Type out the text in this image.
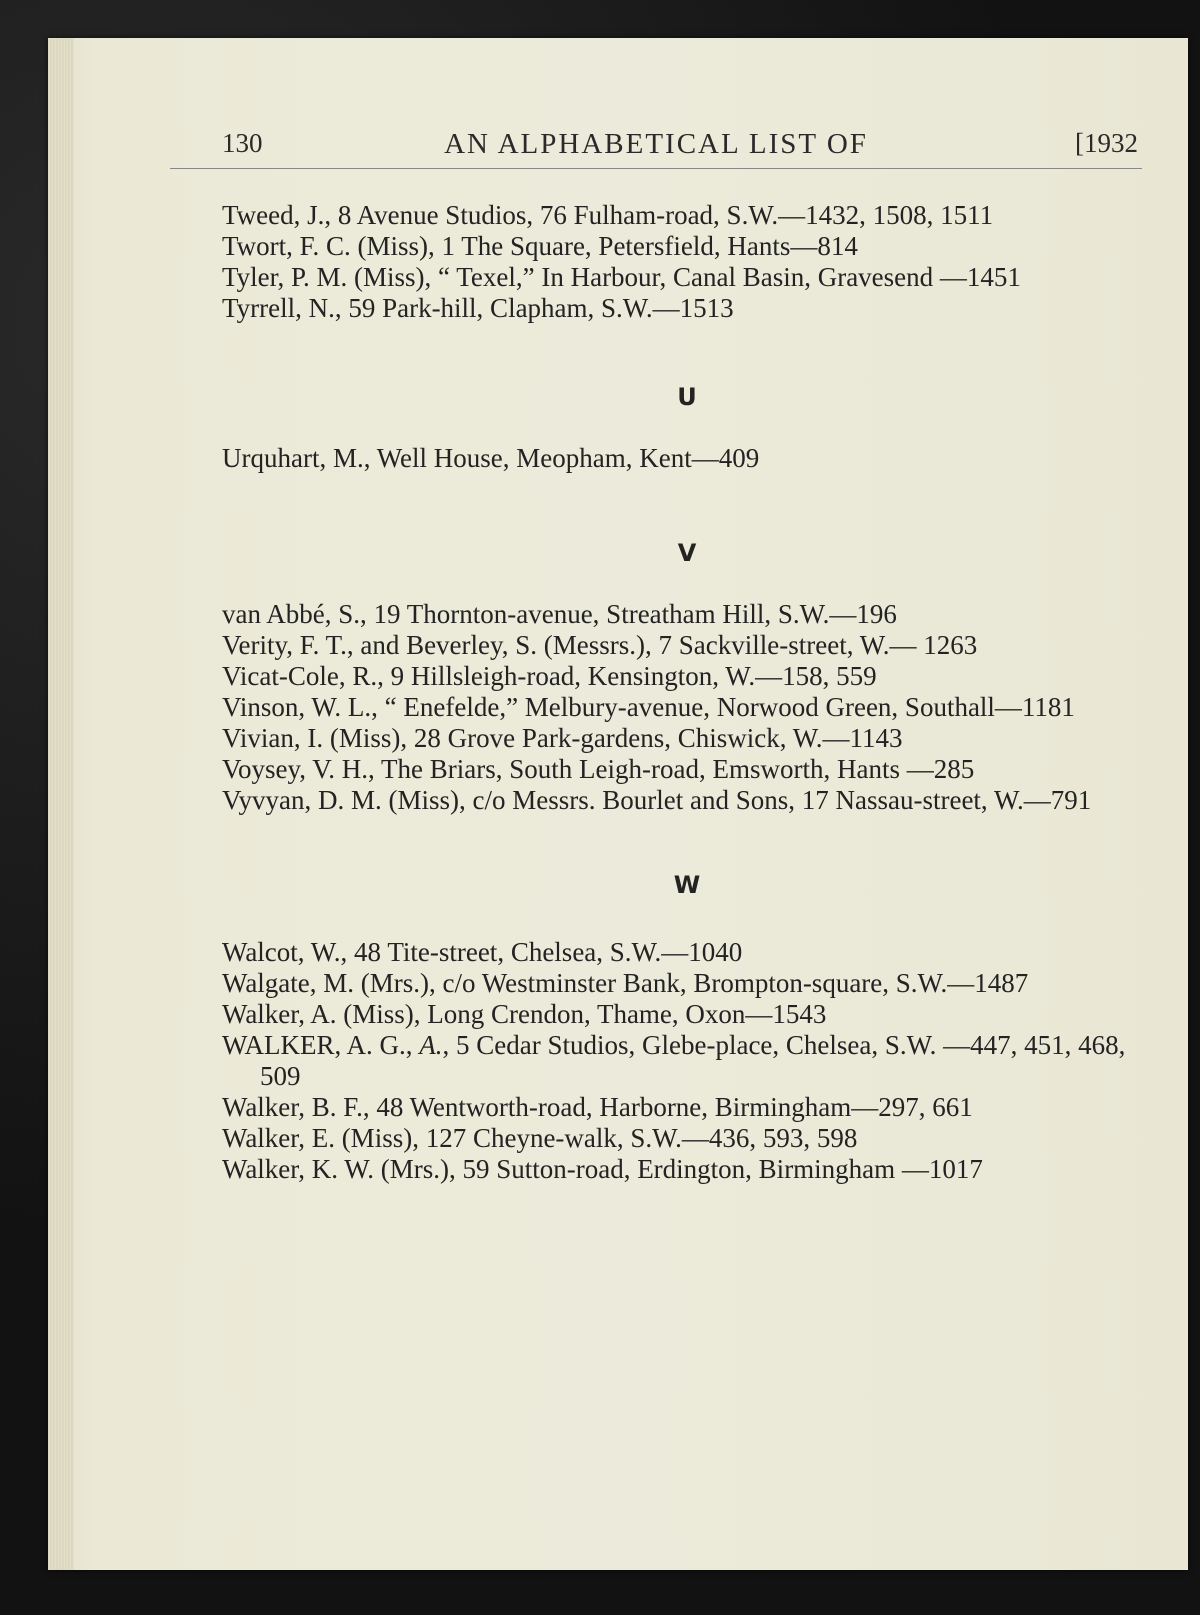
130	AN ALPHABETICAL LIST OF	[1932

Tweed, J., 8 Avenue Studios, 76 Fulham-road, S.W.—1432, 1508, 1511

Twort, F. C. (Miss), 1 The Square, Petersfield, Hants—814

Tyler, P. M. (Miss), “ Texel,” In Harbour, Canal Basin, Gravesend —1451

Tyrrell, N., 59 Park-hill, Clapham, S.W.—1513

U

Urquhart, M., Well House, Meopham, Kent—409

V

van Abbé, S., 19 Thornton-avenue, Streatham Hill, S.W.—196

Verity, F. T., and Beverley, S. (Messrs.), 7 Sackville-street, W.— 1263

Vicat-Cole, R., 9 Hillsleigh-road, Kensington, W.—158, 559

Vinson, W. L., “ Enefelde,” Melbury-avenue, Norwood Green, Southall—1181

Vivian, I. (Miss), 28 Grove Park-gardens, Chiswick, W.—1143

Voysey, V. H., The Briars, South Leigh-road, Emsworth, Hants —285

Vyvyan, D. M. (Miss), c/o Messrs. Bourlet and Sons, 17 Nassau-street, W.—791

W

Walcot, W., 48 Tite-street, Chelsea, S.W.—1040

Walgate, M. (Mrs.), c/o Westminster Bank, Brompton-square, S.W.—1487

Walker, A. (Miss), Long Crendon, Thame, Oxon—1543

WALKER, A. G., A., 5 Cedar Studios, Glebe-place, Chelsea, S.W. —447, 451, 468, 509

Walker, B. F., 48 Wentworth-road, Harborne, Birmingham—297, 661

Walker, E. (Miss), 127 Cheyne-walk, S.W.—436, 593, 598

Walker, K. W. (Mrs.), 59 Sutton-road, Erdington, Birmingham —1017
